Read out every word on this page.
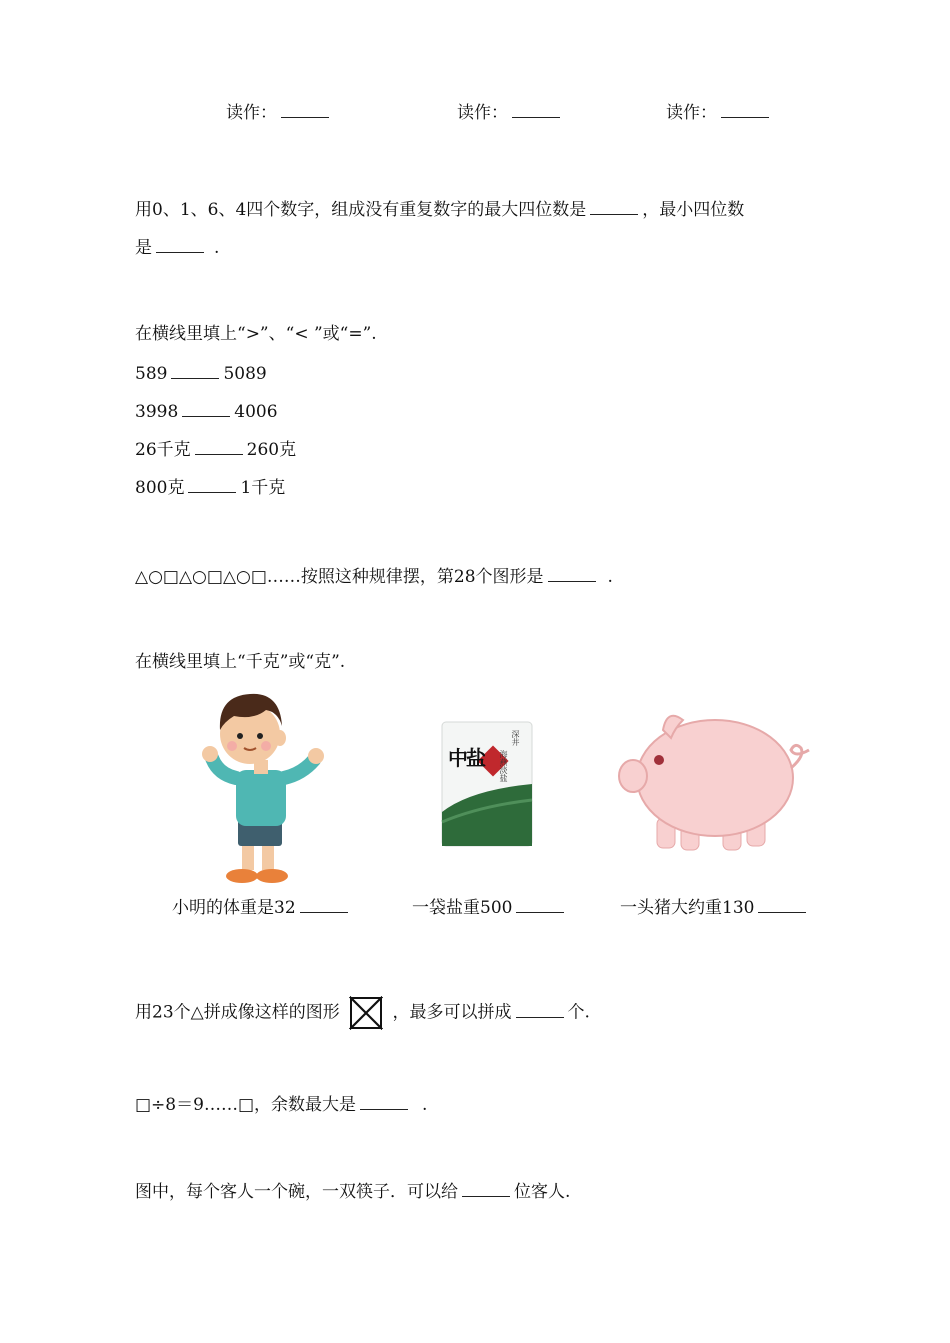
读作：	读作：	读作：
用0、1、6、4四个数字，组成没有重复数字的最大四位数是	，最小四位数
是	.
在横线里填上“>”、“< ”或“=”.
589	5089
3998	4006
26千克	260克
800克	1千克
△○□△○□△○□……按照这种规律摆，第28个图形是	.
在横线里填上“千克”或“克”.
中盐
深井
海燕淡盐
小明的体重是32	一袋盐重500	一头猪大约重130
用23个△拼成像这样的图形	，最多可以拼成	个.
□÷8＝9……□，余数最大是	.
图中，每个客人一个碗，一双筷子．可以给	位客人.
